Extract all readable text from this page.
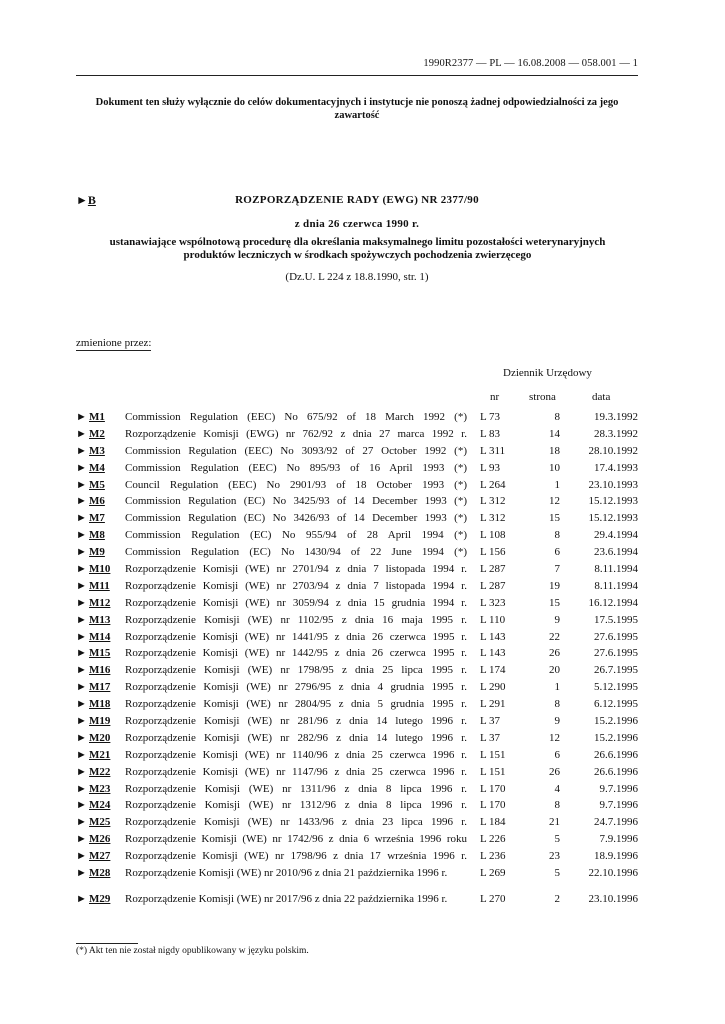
1990R2377 — PL — 16.08.2008 — 058.001 — 1
Dokument ten służy wyłącznie do celów dokumentacyjnych i instytucje nie ponoszą żadnej odpowiedzialności za jego zawartość
►B	ROZPORZĄDZENIE RADY (EWG) NR 2377/90
z dnia 26 czerwca 1990 r.
ustanawiające wspólnotową procedurę dla określania maksymalnego limitu pozostałości weterynaryjnych produktów leczniczych w środkach spożywczych pochodzenia zwierzęcego
(Dz.U. L 224 z 18.8.1990, str. 1)
zmienione przez:
Dziennik Urzędowy
nr	strona	data
► M1 Commission Regulation (EEC) No 675/92 of 18 March 1992 (*) L 73	8	19.3.1992
► M2 Rozporządzenie Komisji (EWG) nr 762/92 z dnia 27 marca 1992 r. L 83	14	28.3.1992
► M3 Commission Regulation (EEC) No 3093/92 of 27 October 1992 (*) L 311	18	28.10.1992
► M4 Commission Regulation (EEC) No 895/93 of 16 April 1993 (*) L 93	10	17.4.1993
► M5 Council Regulation (EEC) No 2901/93 of 18 October 1993 (*) L 264	1	23.10.1993
► M6 Commission Regulation (EC) No 3425/93 of 14 December 1993 (*) L 312	12	15.12.1993
► M7 Commission Regulation (EC) No 3426/93 of 14 December 1993 (*) L 312	15	15.12.1993
► M8 Commission Regulation (EC) No 955/94 of 28 April 1994 (*) L 108	8	29.4.1994
► M9 Commission Regulation (EC) No 1430/94 of 22 June 1994 (*) L 156	6	23.6.1994
► M10 Rozporządzenie Komisji (WE) nr 2701/94 z dnia 7 listopada 1994 r. L 287	7	8.11.1994
► M11 Rozporządzenie Komisji (WE) nr 2703/94 z dnia 7 listopada 1994 r. L 287	19	8.11.1994
► M12 Rozporządzenie Komisji (WE) nr 3059/94 z dnia 15 grudnia 1994 r. L 323	15	16.12.1994
► M13 Rozporządzenie Komisji (WE) nr 1102/95 z dnia 16 maja 1995 r. L 110	9	17.5.1995
► M14 Rozporządzenie Komisji (WE) nr 1441/95 z dnia 26 czerwca 1995 r. L 143	22	27.6.1995
► M15 Rozporządzenie Komisji (WE) nr 1442/95 z dnia 26 czerwca 1995 r. L 143	26	27.6.1995
► M16 Rozporządzenie Komisji (WE) nr 1798/95 z dnia 25 lipca 1995 r. L 174	20	26.7.1995
► M17 Rozporządzenie Komisji (WE) nr 2796/95 z dnia 4 grudnia 1995 r. L 290	1	5.12.1995
► M18 Rozporządzenie Komisji (WE) nr 2804/95 z dnia 5 grudnia 1995 r. L 291	8	6.12.1995
► M19 Rozporządzenie Komisji (WE) nr 281/96 z dnia 14 lutego 1996 r. L 37	9	15.2.1996
► M20 Rozporządzenie Komisji (WE) nr 282/96 z dnia 14 lutego 1996 r. L 37	12	15.2.1996
► M21 Rozporządzenie Komisji (WE) nr 1140/96 z dnia 25 czerwca 1996 r. L 151	6	26.6.1996
► M22 Rozporządzenie Komisji (WE) nr 1147/96 z dnia 25 czerwca 1996 r. L 151	26	26.6.1996
► M23 Rozporządzenie Komisji (WE) nr 1311/96 z dnia 8 lipca 1996 r. L 170	4	9.7.1996
► M24 Rozporządzenie Komisji (WE) nr 1312/96 z dnia 8 lipca 1996 r. L 170	8	9.7.1996
► M25 Rozporządzenie Komisji (WE) nr 1433/96 z dnia 23 lipca 1996 r. L 184	21	24.7.1996
► M26 Rozporządzenie Komisji (WE) nr 1742/96 z dnia 6 września 1996 roku L 226	5	7.9.1996
► M27 Rozporządzenie Komisji (WE) nr 1798/96 z dnia 17 września 1996 r. L 236	23	18.9.1996
► M28 Rozporządzenie Komisji (WE) nr 2010/96 z dnia 21 października 1996 r.	L 269	5	22.10.1996
► M29 Rozporządzenie Komisji (WE) nr 2017/96 z dnia 22 października 1996 r.	L 270	2	23.10.1996
(*) Akt ten nie został nigdy opublikowany w języku polskim.
